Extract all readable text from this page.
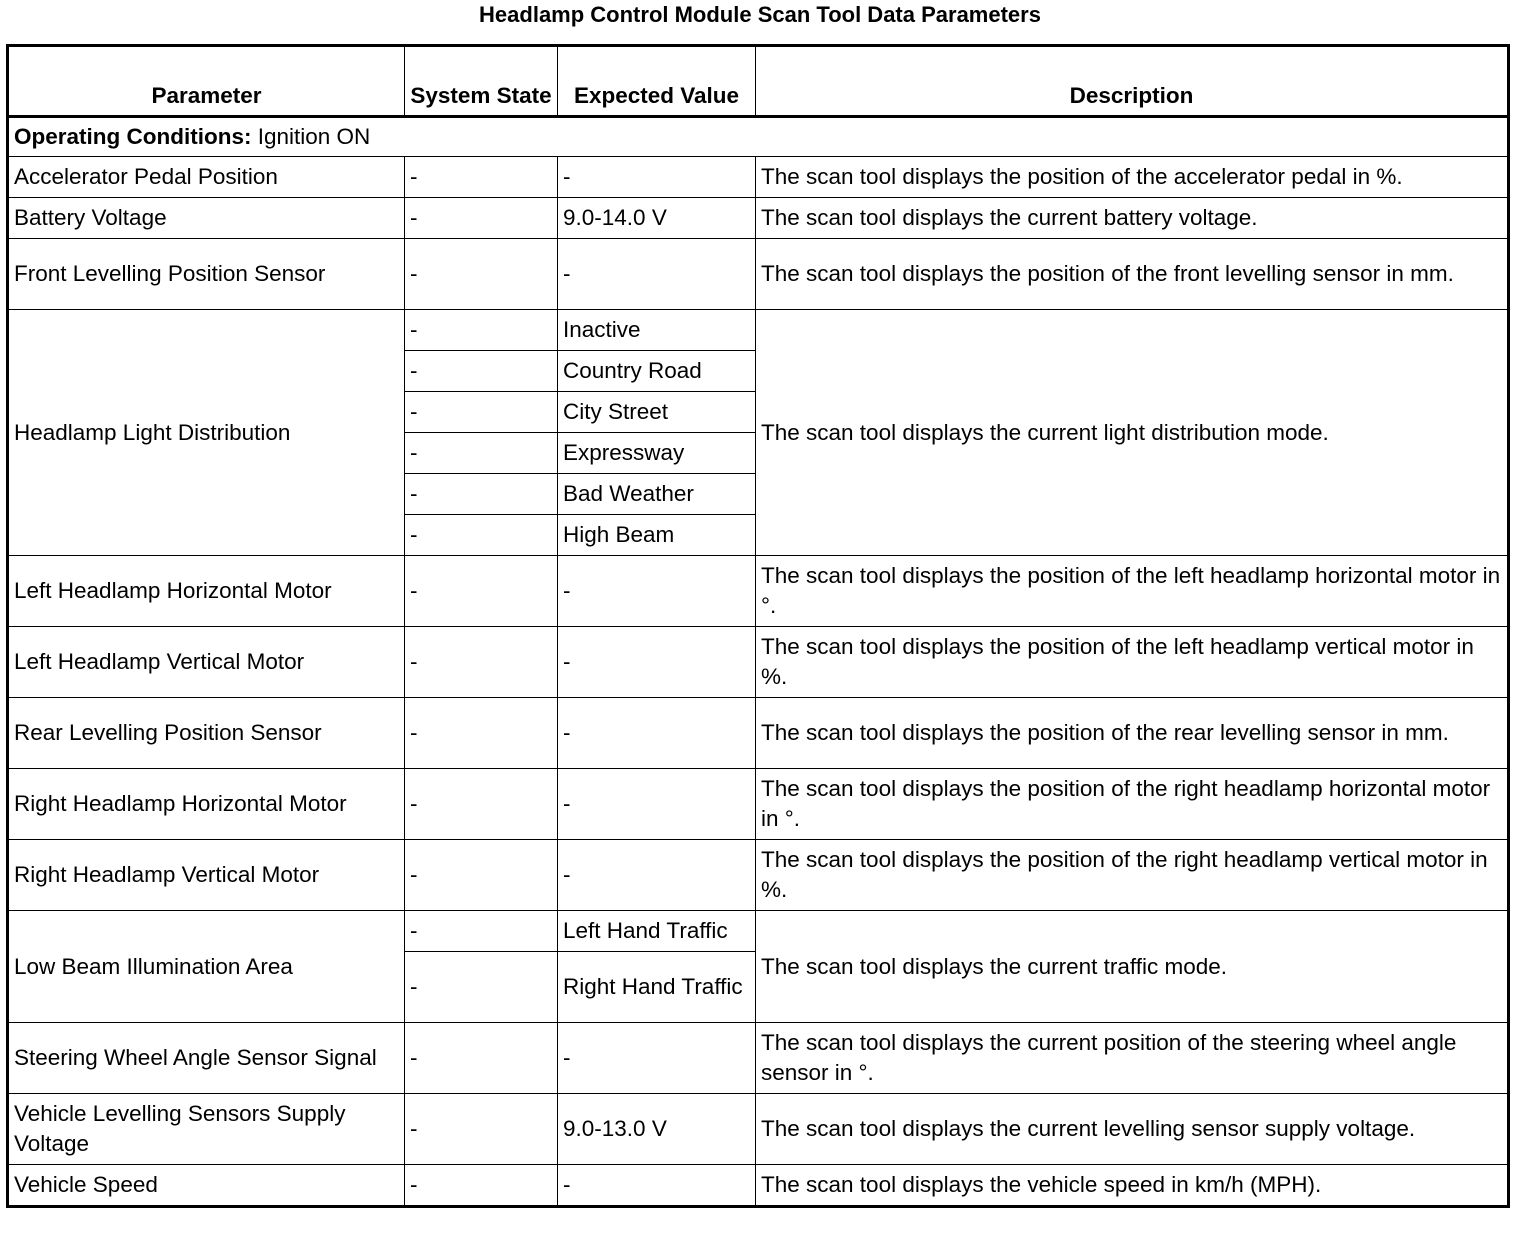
Headlamp Control Module Scan Tool Data Parameters
Parameter	System State	Expected Value	Description
Operating Conditions: Ignition ON			
Accelerator Pedal Position	-	-	The scan tool displays the position of the accelerator pedal in %.
Battery Voltage	-	9.0-14.0 V	The scan tool displays the current battery voltage.
Front Levelling Position Sensor	-	-	The scan tool displays the position of the front levelling sensor in mm.
Headlamp Light Distribution	-	Inactive	The scan tool displays the current light distribution mode.
	-	Country Road	
	-	City Street	
	-	Expressway	
	-	Bad Weather	
	-	High Beam	
Left Headlamp Horizontal Motor	-	-	The scan tool displays the position of the left headlamp horizontal motor in °.
Left Headlamp Vertical Motor	-	-	The scan tool displays the position of the left headlamp vertical motor in %.
Rear Levelling Position Sensor	-	-	The scan tool displays the position of the rear levelling sensor in mm.
Right Headlamp Horizontal Motor	-	-	The scan tool displays the position of the right headlamp horizontal motor in °.
Right Headlamp Vertical Motor	-	-	The scan tool displays the position of the right headlamp vertical motor in %.
Low Beam Illumination Area	-	Left Hand Traffic	The scan tool displays the current traffic mode.
	-	Right Hand Traffic	
Steering Wheel Angle Sensor Signal	-	-	The scan tool displays the current position of the steering wheel angle sensor in °.
Vehicle Levelling Sensors Supply Voltage	-	9.0-13.0 V	The scan tool displays the current levelling sensor supply voltage.
Vehicle Speed	-	-	The scan tool displays the vehicle speed in km/h (MPH).
